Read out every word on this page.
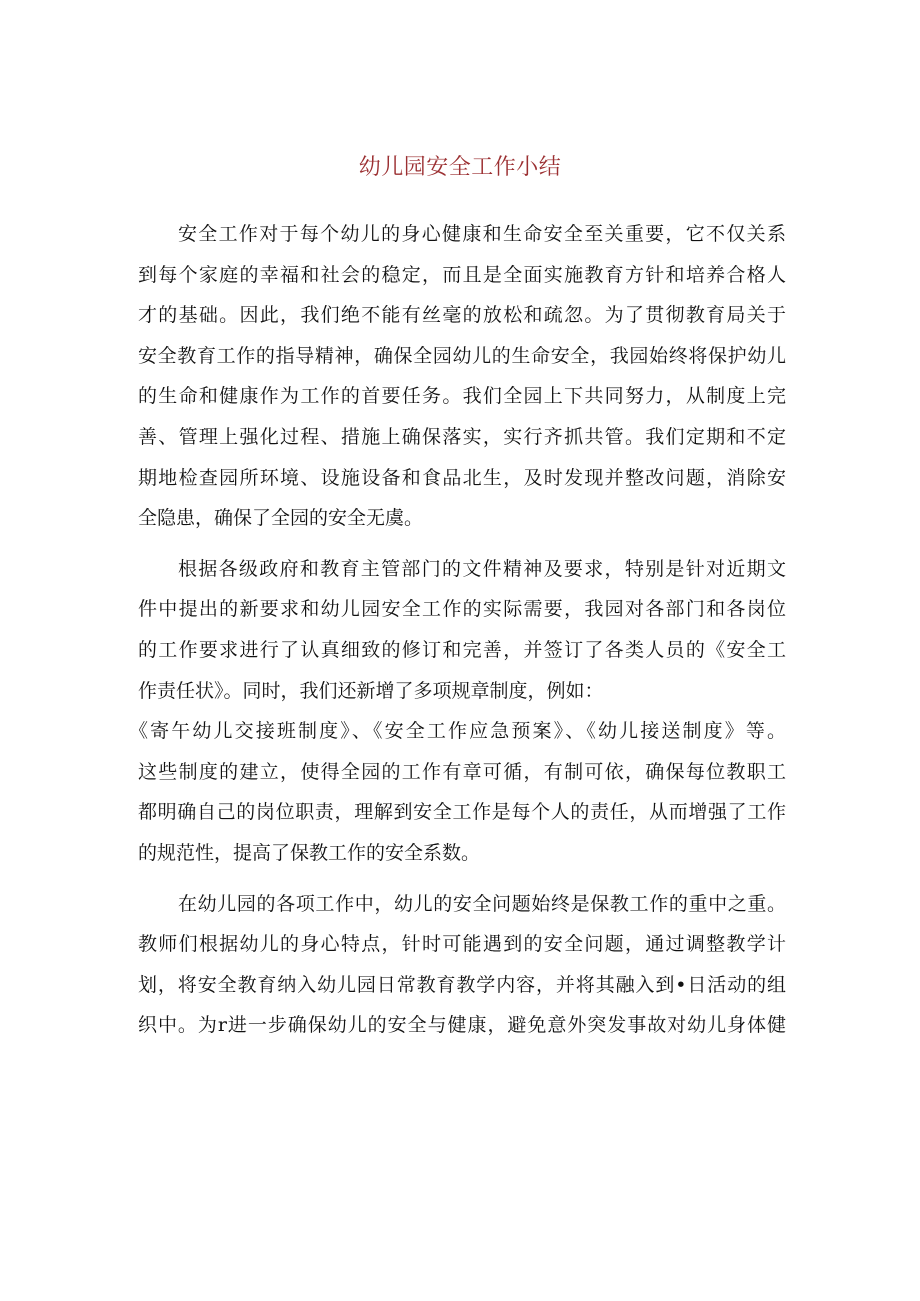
幼儿园安全工作小结
安全工作对于每个幼儿的身心健康和生命安全至关重要，它不仅关系
到每个家庭的幸福和社会的稳定，而且是全面实施教育方针和培养合格人
才的基础。因此，我们绝不能有丝毫的放松和疏忽。为了贯彻教育局关于
安全教育工作的指导精神，确保全园幼儿的生命安全，我园始终将保护幼儿
的生命和健康作为工作的首要任务。我们全园上下共同努力，从制度上完
善、管理上强化过程、措施上确保落实，实行齐抓共管。我们定期和不定
期地检查园所环境、设施设备和食品北生，及时发现并整改问题，消除安
全隐患，确保了全园的安全无虞。
根据各级政府和教育主管部门的文件精神及要求，特别是针对近期文
件中提出的新要求和幼儿园安全工作的实际需要，我园对各部门和各岗位
的工作要求进行了认真细致的修订和完善，并签订了各类人员的《安全工
作责任状》。同时，我们还新增了多项规章制度，例如：
《寄午幼儿交接班制度》、《安全工作应急预案》、《幼儿接送制度》等。
这些制度的建立，使得全园的工作有章可循，有制可依，确保每位教职工
都明确自己的岗位职责，理解到安全工作是每个人的责任，从而增强了工作
的规范性，提高了保教工作的安全系数。
在幼儿园的各项工作中，幼儿的安全问题始终是保教工作的重中之重。
教师们根据幼儿的身心特点，针时可能遇到的安全问题，通过调整教学计
划，将安全教育纳入幼儿园日常教育教学内容，并将其融入到•日活动的组
织中。为r进一步确保幼儿的安全与健康，避免意外突发事故对幼儿身体健
